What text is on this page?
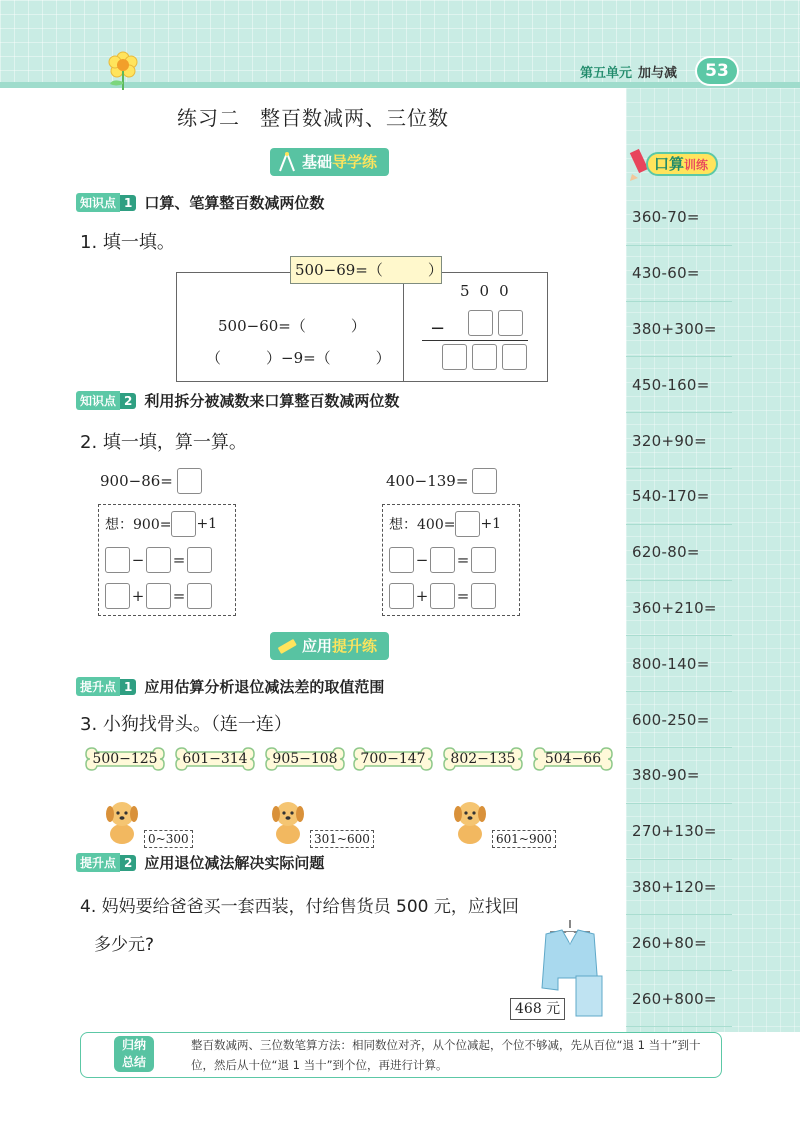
第五单元 加与减	53
口算训练
360-70=
430-60=
380+300=
450-160=
320+90=
540-170=
620-80=
360+210=
800-140=
600-250=
380-90=
270+130=
380+120=
260+80=
260+800=
练习二 整百数减两、三位数
基础导学练
知识点 1 口算、笔算整百数减两位数
1. 填一填。
500−69=（　　　）
500−60=（　　　）
（　　　）−9=（　　　）
500
−

知识点 2 利用拆分被减数来口算整百数减两位数
2. 填一填，算一算。
900−86=	400−139=
想：900= +1
− =
+ =
想：400= +1
− =
+ =
应用提升练
提升点 1 应用估算分析退位减法差的取值范围
3. 小狗找骨头。（连一连）
500−125	601−314	905−108	700−147	802−135	504−66
0~300	301~600	601~900
提升点 2 应用退位减法解决实际问题
4. 妈妈要给爸爸买一套西装，付给售货员 500 元，应找回
多少元?
468 元
整百数减两、三位数笔算方法：相同数位对齐，从个位减起，个位不够减，先从百位“退 1 当十”到十位，然后从十位“退 1 当十”到个位，再进行计算。
归纳
总结
